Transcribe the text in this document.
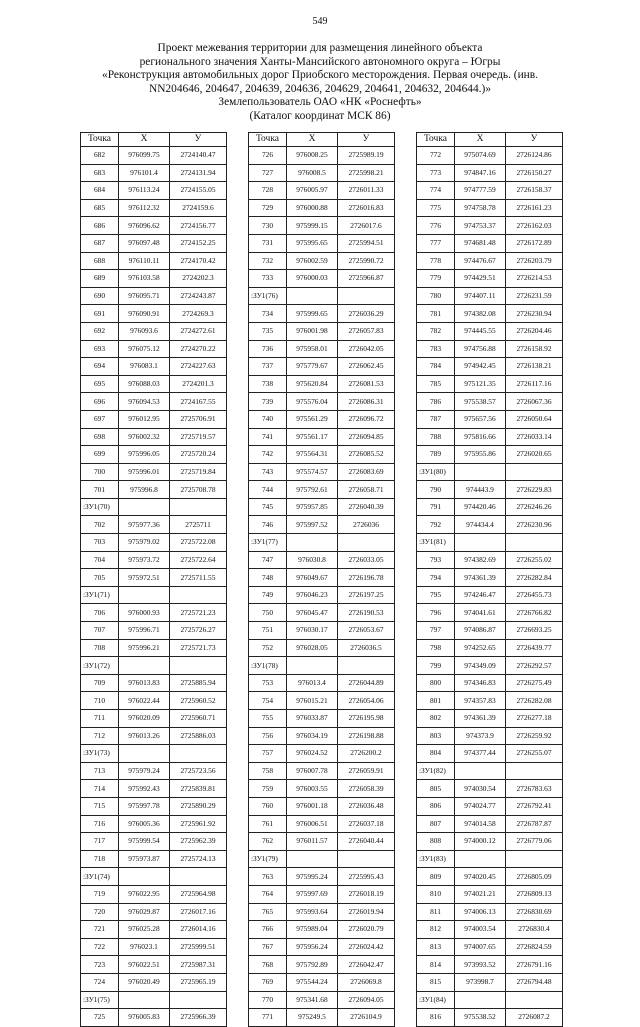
549
Проект межевания территории для размещения линейного объекта
регионального значения Ханты-Мансийского автономного округа – Югры
«Реконструкция автомобильных дорог Приобского месторождения. Первая очередь. (инв.
NN204646, 204647, 204639, 204636, 204629, 204641, 204632, 204644.)»
Землепользователь ОАО «НК «Роснефть»
(Каталог координат МСК 86)
Точка	X	У
682	976099.75	2724140.47
683	976101.4	2724131.94
684	976113.24	2724155.05
685	976112.32	2724159.6
686	976096.62	2724156.77
687	976097.48	2724152.25
688	976110.11	2724170.42
689	976103.58	2724202.3
690	976095.71	2724243.87
691	976090.91	2724269.3
692	976093.6	2724272.61
693	976075.12	2724270.22
694	976083.1	2724227.63
695	976088.03	2724201.3
696	976094.53	2724167.55
697	976012.95	2725706.91
698	976002.32	2725719.57
699	975996.05	2725720.24
700	975996.01	2725719.84
701	975996.8	2725708.78
:ЗУ1(70)		
702	975977.36	2725711
703	975979.02	2725722.08
704	975973.72	2725722.64
705	975972.51	2725711.55
:ЗУ1(71)		
706	976000.93	2725721.23
707	975996.71	2725726.27
708	975996.21	2725721.73
:ЗУ1(72)		
709	976013.83	2725885.94
710	976022.44	2725960.52
711	976020.09	2725960.71
712	976013.26	2725886.03
:ЗУ1(73)		
713	975979.24	2725723.56
714	975992.43	2725839.81
715	975997.78	2725890.29
716	976005.36	2725961.92
717	975999.54	2725962.39
718	975973.87	2725724.13
:ЗУ1(74)		
719	976022.95	2725964.98
720	976029.87	2726017.16
721	976025.28	2726014.16
722	976023.1	2725999.51
723	976022.51	2725987.31
724	976020.49	2725965.19
:ЗУ1(75)		
725	976005.83	2725966.39
Точка	X	У
726	976008.25	2725989.19
727	976008.5	2725998.21
728	976005.97	2726011.33
729	976000.88	2726016.83
730	975999.15	2726017.6
731	975995.65	2725994.51
732	976002.59	2725990.72
733	976000.03	2725966.87
:ЗУ1(76)		
734	975999.65	2726036.29
735	976001.98	2726057.83
736	975958.01	2726042.05
737	975779.67	2726062.45
738	975620.84	2726081.53
739	975576.04	2726086.31
740	975561.29	2726096.72
741	975561.17	2726094.85
742	975564.31	2726085.52
743	975574.57	2726083.69
744	975792.61	2726058.71
745	975957.85	2726040.39
746	975997.52	2726036
:ЗУ1(77)		
747	976030.8	2726033.05
748	976049.67	2726196.78
749	976046.23	2726197.25
750	976045.47	2726190.53
751	976030.17	2726053.67
752	976028.05	2726036.5
:ЗУ1(78)		
753	976013.4	2726044.89
754	976015.21	2726054.06
755	976033.87	2726195.98
756	976034.19	2726198.88
757	976024.52	2726200.2
758	976007.78	2726059.91
759	976003.55	2726058.39
760	976001.18	2726036.48
761	976006.51	2726037.18
762	976011.57	2726040.44
:ЗУ1(79)		
763	975995.24	2725995.43
764	975997.69	2726018.19
765	975993.64	2726019.94
766	975989.04	2726020.79
767	975956.24	2726024.42
768	975792.89	2726042.47
769	975544.24	2726069.8
770	975341.68	2726094.05
771	975249.5	2726104.9
Точка	X	У
772	975074.69	2726124.86
773	974847.16	2726150.27
774	974777.59	2726158.37
775	974758.78	2726161.23
776	974753.37	2726162.03
777	974681.48	2726172.89
778	974476.67	2726203.79
779	974429.51	2726214.53
780	974407.11	2726231.59
781	974382.08	2726230.94
782	974445.55	2726204.46
783	974756.88	2726158.92
784	974942.45	2726138.21
785	975121.35	2726117.16
786	975538.57	2726067.36
787	975657.56	2726050.64
788	975816.66	2726033.14
789	975955.86	2726020.65
:ЗУ1(80)		
790	974443.9	2726229.83
791	974420.46	2726246.26
792	974434.4	2726230.96
:ЗУ1(81)		
793	974382.69	2726255.02
794	974361.39	2726282.84
795	974246.47	2726455.73
796	974041.61	2726766.82
797	974086.87	2726693.25
798	974252.65	2726439.77
799	974349.09	2726292.57
800	974346.83	2726275.49
801	974357.83	2726282.08
802	974361.39	2726277.18
803	974373.9	2726259.92
804	974377.44	2726255.07
:ЗУ1(82)		
805	974030.54	2726783.63
806	974024.77	2726792.41
807	974014.58	2726787.87
808	974000.12	2726779.06
:ЗУ1(83)		
809	974020.45	2726805.09
810	974021.21	2726809.13
811	974006.13	2726830.69
812	974003.54	2726830.4
813	974007.65	2726824.59
814	973993.52	2726791.16
815	973998.7	2726794.48
:ЗУ1(84)		
816	975538.52	2726087.2
